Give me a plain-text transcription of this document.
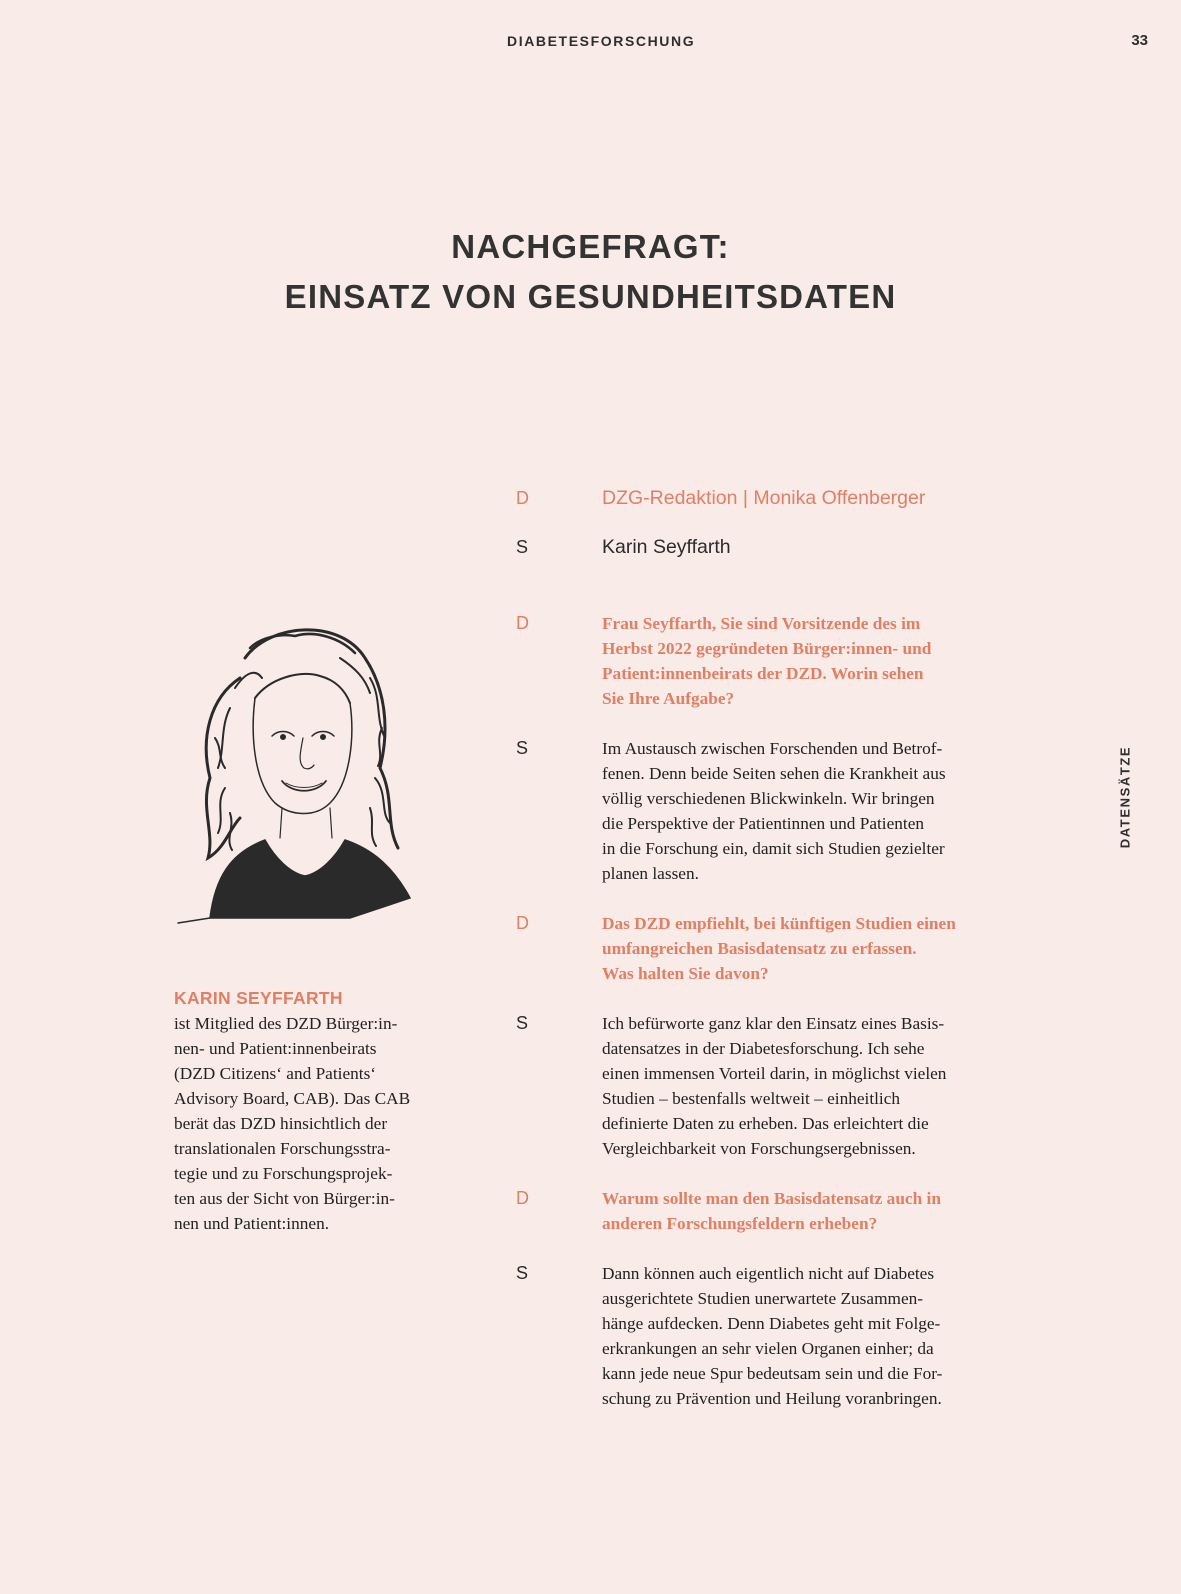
DIABETESFORSCHUNG	33
NACHGEFRAGT:
EINSATZ VON GESUNDHEITSDATEN
DATENSÄTZE
D	DZG-Redaktion | Monika Offenberger
S	Karin Seyffarth
D	Frau Seyffarth, Sie sind Vorsitzende des im
Herbst 2022 gegründeten Bürger:innen- und
Patient:innenbeirats der DZD. Worin sehen
Sie Ihre Aufgabe?
S	Im Austausch zwischen Forschenden und Betrof-
fenen. Denn beide Seiten sehen die Krankheit aus
völlig verschiedenen Blickwinkeln. Wir bringen
die Perspektive der Patientinnen und Patienten
in die Forschung ein, damit sich Studien gezielter
planen lassen.
D	Das DZD empfiehlt, bei künftigen Studien einen
umfangreichen Basisdatensatz zu erfassen.
Was halten Sie davon?
S	Ich befürworte ganz klar den Einsatz eines Basis-
datensatzes in der Diabetesforschung. Ich sehe
einen immensen Vorteil darin, in möglichst vielen
Studien – bestenfalls weltweit – einheitlich
definierte Daten zu erheben. Das erleichtert die
Vergleichbarkeit von Forschungsergebnissen.
D	Warum sollte man den Basisdatensatz auch in
anderen Forschungsfeldern erheben?
S	Dann können auch eigentlich nicht auf Diabetes
ausgerichtete Studien unerwartete Zusammen-
hänge aufdecken. Denn Diabetes geht mit Folge-
erkrankungen an sehr vielen Organen einher; da
kann jede neue Spur bedeutsam sein und die For-
schung zu Prävention und Heilung voranbringen.
KARIN SEYFFARTH
ist Mitglied des DZD Bürger:in-
nen- und Patient:innenbeirats
(DZD Citizens‘ and Patients‘
Advisory Board, CAB). Das CAB
berät das DZD hinsichtlich der
translationalen Forschungsstra-
tegie und zu Forschungsprojek-
ten aus der Sicht von Bürger:in-
nen und Patient:innen.
